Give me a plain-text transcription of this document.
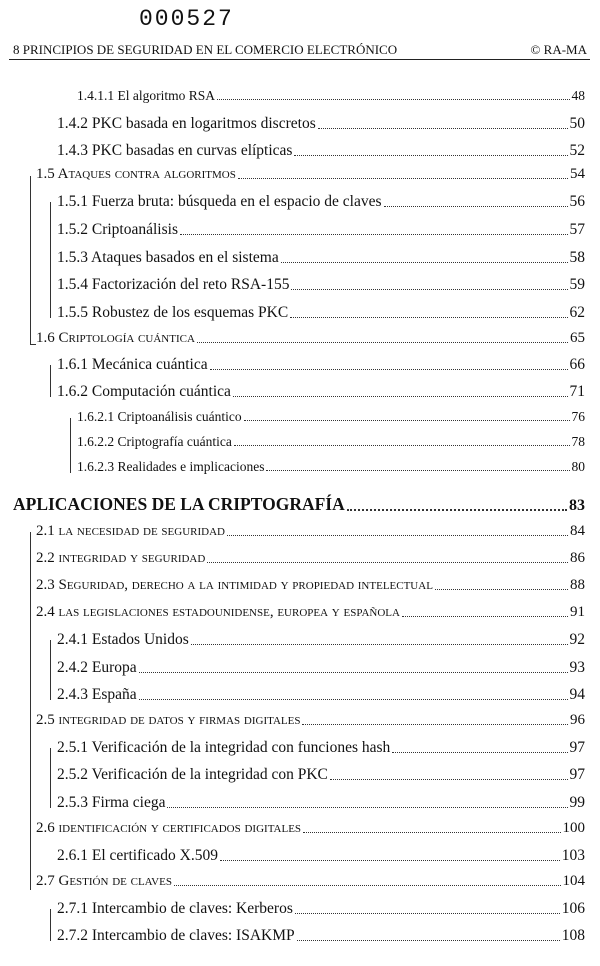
000527
8 PRINCIPIOS DE SEGURIDAD EN EL COMERCIO ELECTRÓNICO	© RA-MA
1.4.1.1 El algoritmo RSA	48
1.4.2 PKC basada en logaritmos discretos	50
1.4.3 PKC basadas en curvas elípticas	52
1.5 Ataques contra algoritmos	54
1.5.1 Fuerza bruta: búsqueda en el espacio de claves	56
1.5.2 Criptoanálisis	57
1.5.3 Ataques basados en el sistema	58
1.5.4 Factorización del reto RSA-155	59
1.5.5 Robustez de los esquemas PKC	62
1.6 Criptología cuántica	65
1.6.1 Mecánica cuántica	66
1.6.2 Computación cuántica	71
1.6.2.1 Criptoanálisis cuántico	76
1.6.2.2 Criptografía cuántica	78
1.6.2.3 Realidades e implicaciones	80
APLICACIONES DE LA CRIPTOGRAFÍA	83
2.1 la necesidad de seguridad	84
2.2 integridad y seguridad	86
2.3 Seguridad, derecho a la intimidad y propiedad intelectual	88
2.4 las legislaciones estadounidense, europea y española	91
2.4.1 Estados Unidos	92
2.4.2 Europa	93
2.4.3 España	94
2.5 integridad de datos y firmas digitales	96
2.5.1 Verificación de la integridad con funciones hash	97
2.5.2 Verificación de la integridad con PKC	97
2.5.3 Firma ciega	99
2.6 identificación y certificados digitales	100
2.6.1 El certificado X.509	103
2.7 Gestión de claves	104
2.7.1 Intercambio de claves: Kerberos	106
2.7.2 Intercambio de claves: ISAKMP	108
